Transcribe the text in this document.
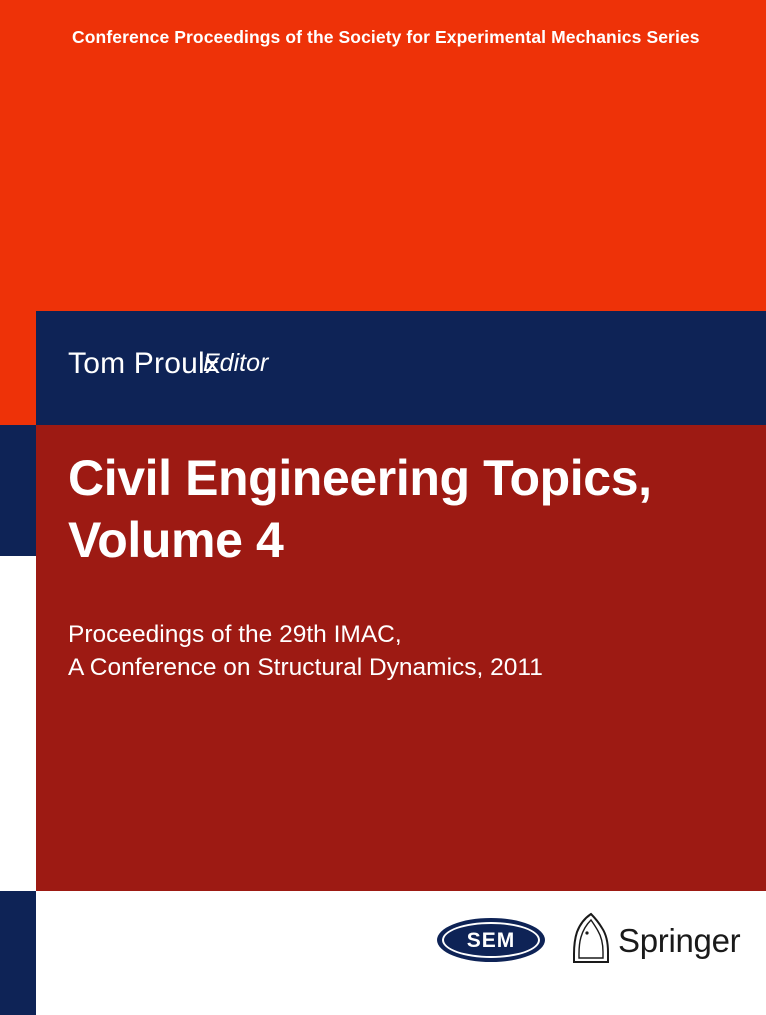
Conference Proceedings of the Society for Experimental Mechanics Series
Tom Proulx
Editor
Civil Engineering Topics,
Volume 4
Proceedings of the 29th IMAC,
A Conference on Structural Dynamics, 2011
SEM	Springer
